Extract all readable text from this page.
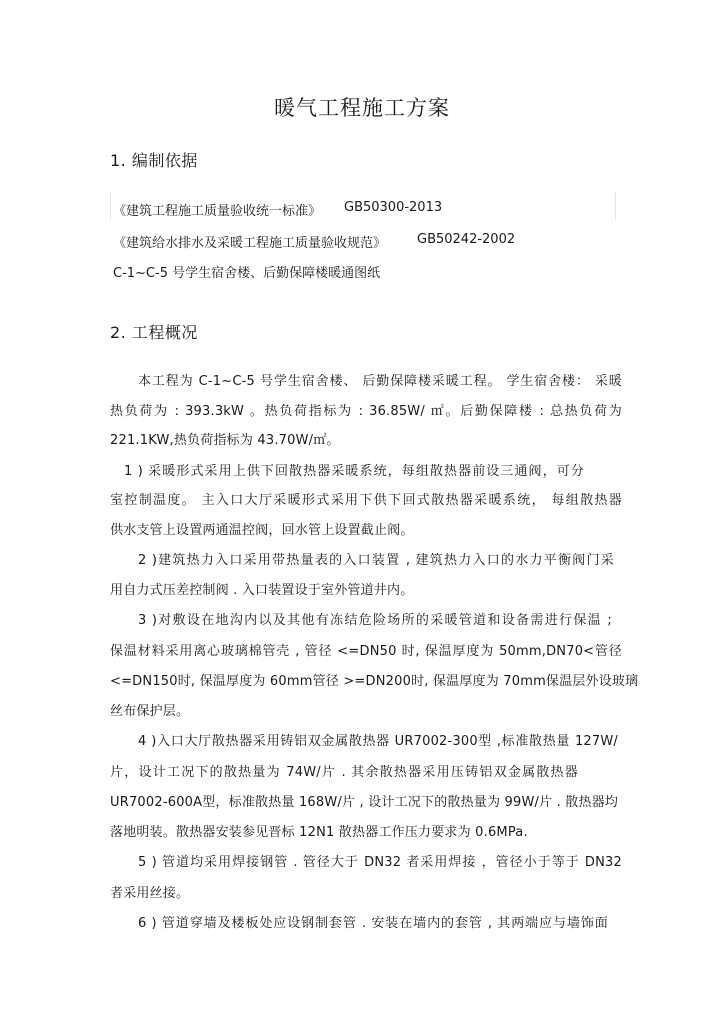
暖气工程施工方案
1. 编制依据
《建筑工程施工质量验收统一标准》 GB50300-2013
《建筑给水排水及采暖工程施工质量验收规范》 GB50242-2002
C-1~C-5 号学生宿舍楼、后勤保障楼暖通图纸
2. 工程概况
本工程为 C-1~C-5 号学生宿舍楼、 后勤保障楼采暖工程。 学生宿舍楼： 采暖
热负荷为 : 393.3kW 。热负荷指标为 : 36.85W/ ㎡。后勤保障楼 : 总热负荷为
221.1KW,热负荷指标为 43.70W/㎡。
1 ) 采暖形式采用上供下回散热器采暖系统，每组散热器前设三通阀，可分
室控制温度。 主入口大厅采暖形式采用下供下回式散热器采暖系统， 每组散热器
供水支管上设置两通温控阀，回水管上设置截止阀。
2 )建筑热力入口采用带热量表的入口装置 , 建筑热力入口的水力平衡阀门采
用自力式压差控制阀 . 入口装置设于室外管道井内。
3 )对敷设在地沟内以及其他有冻结危险场所的采暖管道和设备需进行保温 ;
保温材料采用离心玻璃棉管壳 , 管径 <=DN50 时, 保温厚度为 50mm,DN70<管径
<=DN150时, 保温厚度为 60mm管径 >=DN200时, 保温厚度为 70mm保温层外设玻璃
丝布保护层。
4 )入口大厅散热器采用铸铝双金属散热器 UR7002-300型 ,标准散热量 127W/
片，设计工况下的散热量为 74W/片 . 其余散热器采用压铸铝双金属散热器
UR7002-600A型，标准散热量 168W/片 , 设计工况下的散热量为 99W/片 . 散热器均
落地明装。散热器安装参见晋标 12N1 散热器工作压力要求为 0.6MPa.
5 ) 管道均采用焊接钢管 . 管径大于 DN32 者采用焊接 ，管径小于等于 DN32
者采用丝接。
6 ) 管道穿墙及楼板处应设钢制套管 . 安装在墙内的套管 , 其两端应与墙饰面
